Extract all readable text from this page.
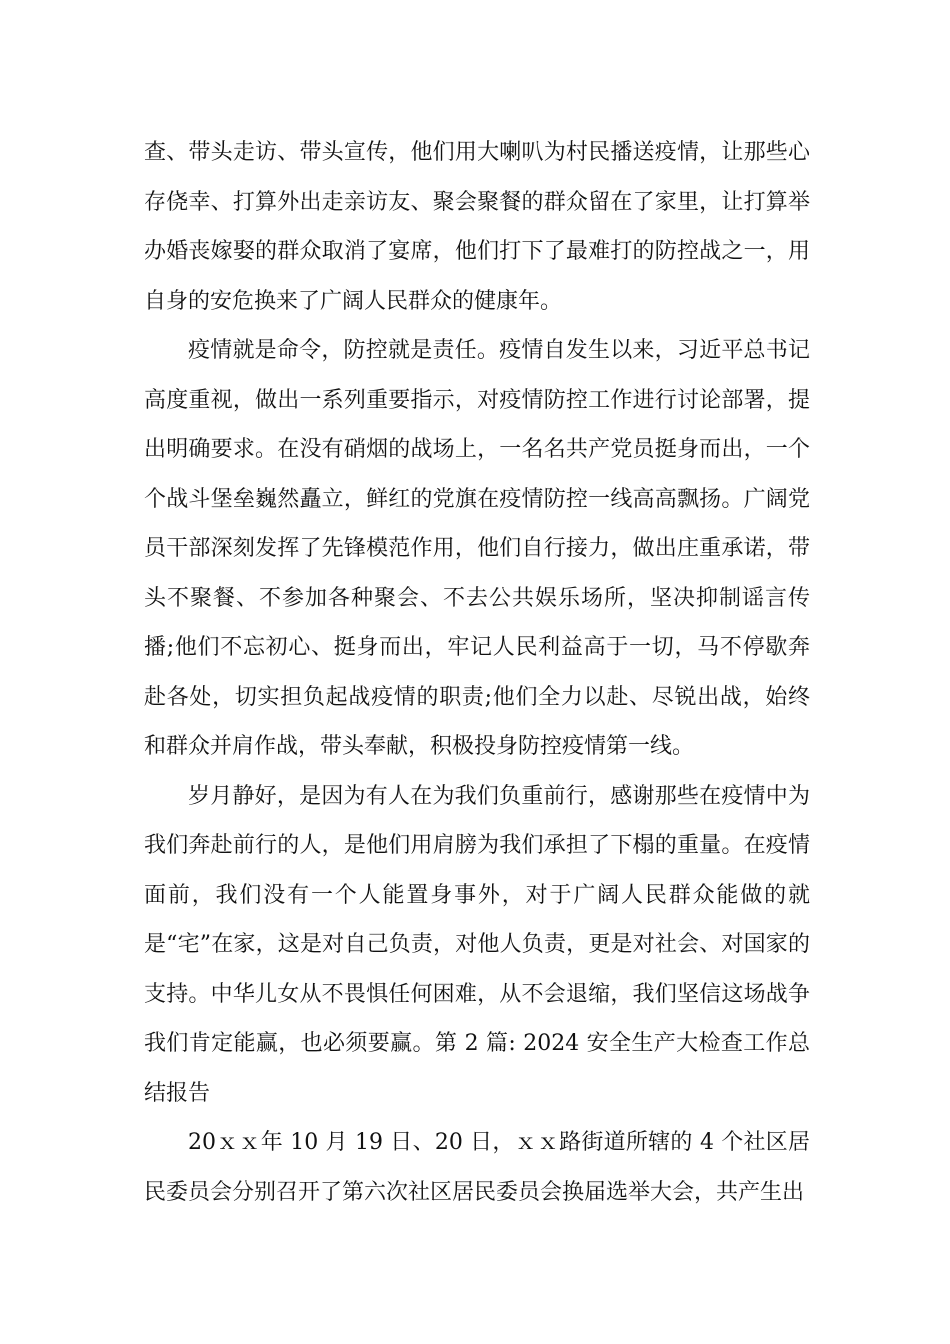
查、带头走访、带头宣传，他们用大喇叭为村民播送疫情，让那些心存侥幸、打算外出走亲访友、聚会聚餐的群众留在了家里，让打算举办婚丧嫁娶的群众取消了宴席，他们打下了最难打的防控战之一，用自身的安危换来了广阔人民群众的健康年。

疫情就是命令，防控就是责任。疫情自发生以来，习近平总书记高度重视，做出一系列重要指示，对疫情防控工作进行讨论部署，提出明确要求。在没有硝烟的战场上，一名名共产党员挺身而出，一个个战斗堡垒巍然矗立，鲜红的党旗在疫情防控一线高高飘扬。广阔党员干部深刻发挥了先锋模范作用，他们自行接力，做出庄重承诺，带头不聚餐、不参加各种聚会、不去公共娱乐场所，坚决抑制谣言传播;他们不忘初心、挺身而出，牢记人民利益高于一切，马不停歇奔赴各处，切实担负起战疫情的职责;他们全力以赴、尽锐出战，始终和群众并肩作战，带头奉献，积极投身防控疫情第一线。

岁月静好，是因为有人在为我们负重前行，感谢那些在疫情中为我们奔赴前行的人，是他们用肩膀为我们承担了下榻的重量。在疫情面前，我们没有一个人能置身事外，对于广阔人民群众能做的就是“宅”在家，这是对自己负责，对他人负责，更是对社会、对国家的支持。中华儿女从不畏惧任何困难，从不会退缩，我们坚信这场战争我们肯定能赢，也必须要赢。第 2 篇: 2024 安全生产大检查工作总结报告

20ｘｘ年 10 月 19 日、20 日，ｘｘ路街道所辖的 4 个社区居民委员会分别召开了第六次社区居民委员会换届选举大会，共产生出
